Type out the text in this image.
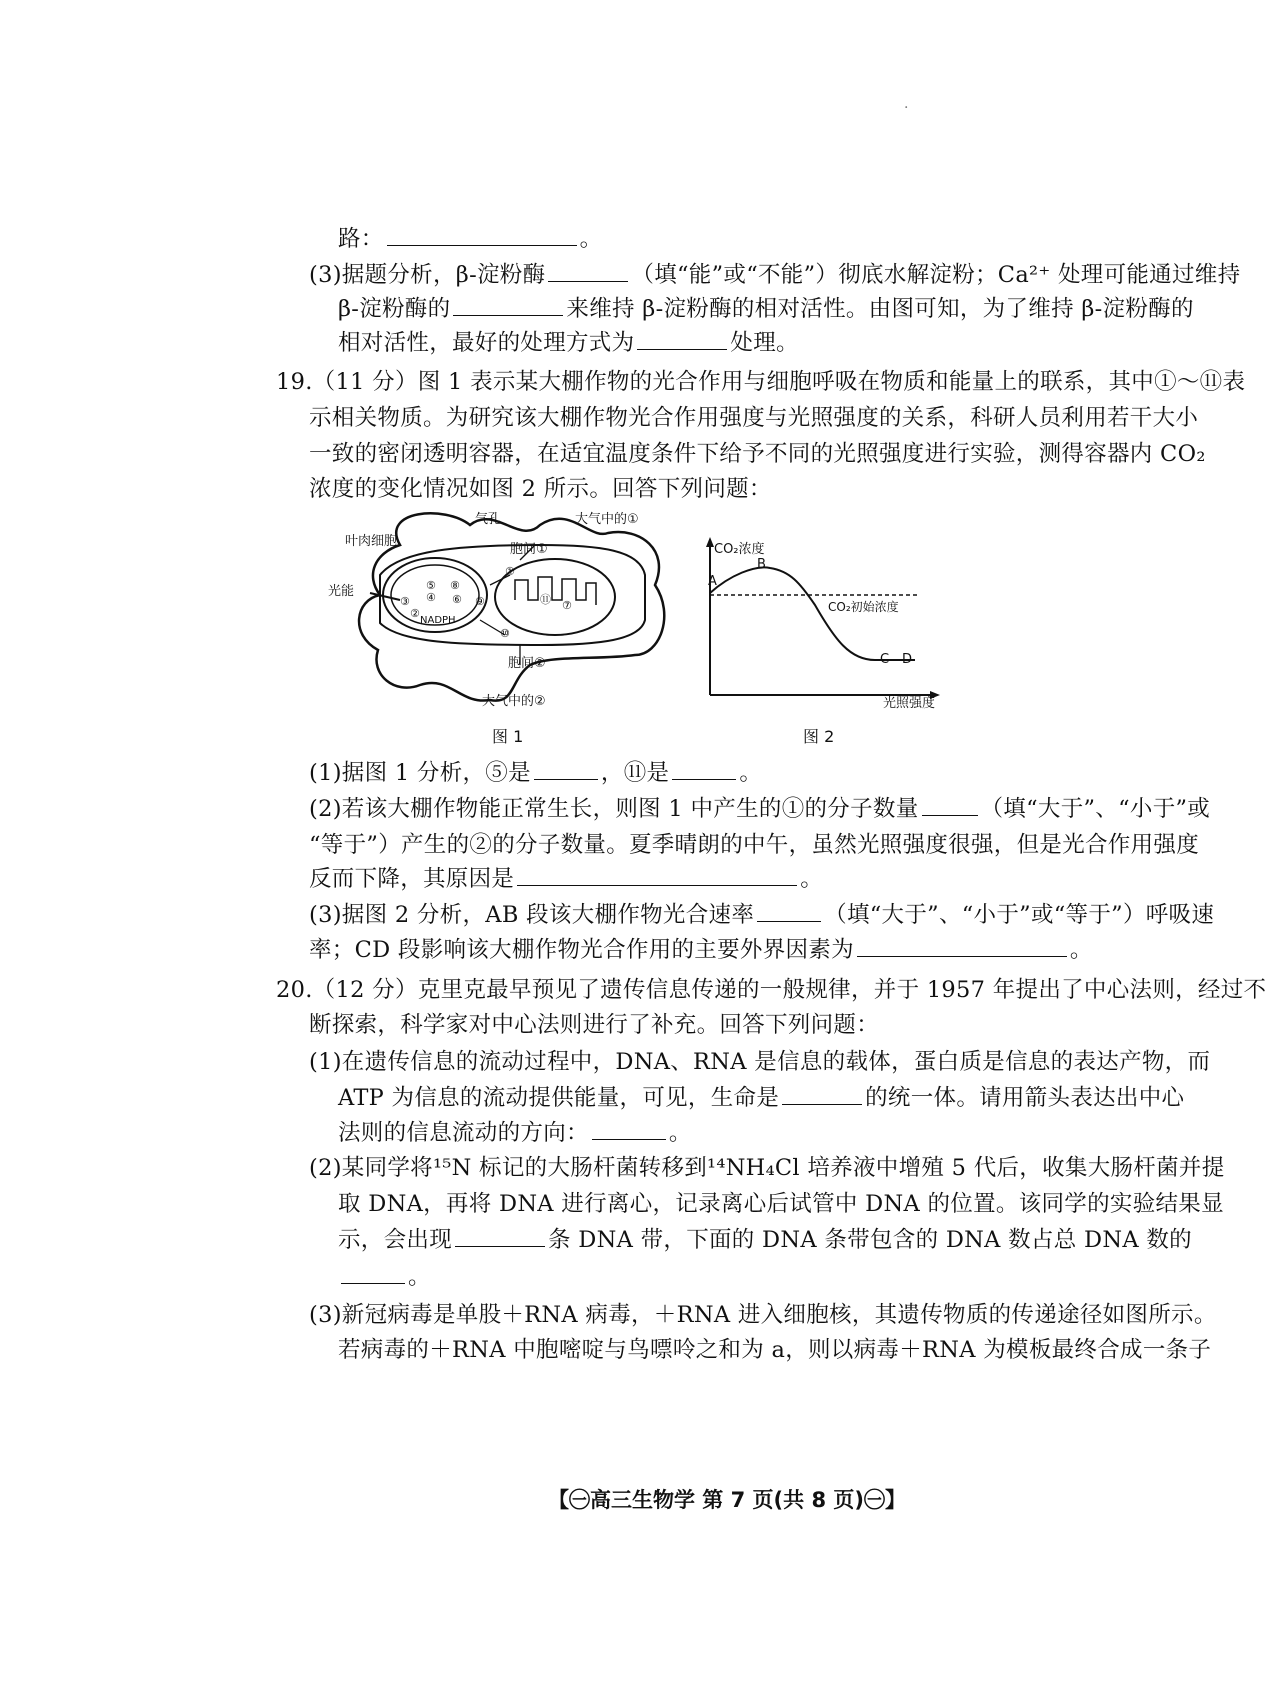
·
路：	。
(3)据题分析，β-淀粉酶	（填“能”或“不能”）彻底水解淀粉；Ca²⁺ 处理可能通过维持
β-淀粉酶的	来维持 β-淀粉酶的相对活性。由图可知，为了维持 β-淀粉酶的
相对活性，最好的处理方式为	处理。
19.（11 分）图 1 表示某大棚作物的光合作用与细胞呼吸在物质和能量上的联系，其中①～⑪表
示相关物质。为研究该大棚作物光合作用强度与光照强度的关系，科研人员利用若干大小
一致的密闭透明容器，在适宜温度条件下给予不同的光照强度进行实验，测得容器内 CO₂
浓度的变化情况如图 2 所示。回答下列问题：
③
⑤
④
②
⑧
⑥ ⑨
①
⑪ ⑦
⑩
气孔	大气中的①
胞间①
叶肉细胞
光能
NADPH
胞间②
大气中的②
图 1
CO₂浓度
光照强度
CO₂初始浓度
A
B
C D
图 2
(1)据图 1 分析，⑤是	，⑪是	。
(2)若该大棚作物能正常生长，则图 1 中产生的①的分子数量	（填“大于”、“小于”或
“等于”）产生的②的分子数量。夏季晴朗的中午，虽然光照强度很强，但是光合作用强度
反而下降，其原因是	。
(3)据图 2 分析，AB 段该大棚作物光合速率	（填“大于”、“小于”或“等于”）呼吸速
率；CD 段影响该大棚作物光合作用的主要外界因素为	。
20.（12 分）克里克最早预见了遗传信息传递的一般规律，并于 1957 年提出了中心法则，经过不
断探索，科学家对中心法则进行了补充。回答下列问题：
(1)在遗传信息的流动过程中，DNA、RNA 是信息的载体，蛋白质是信息的表达产物，而
ATP 为信息的流动提供能量，可见，生命是	的统一体。请用箭头表达出中心
法则的信息流动的方向：	。
(2)某同学将¹⁵N 标记的大肠杆菌转移到¹⁴NH₄Cl 培养液中增殖 5 代后，收集大肠杆菌并提
取 DNA，再将 DNA 进行离心，记录离心后试管中 DNA 的位置。该同学的实验结果显
示，会出现	条 DNA 带，下面的 DNA 条带包含的 DNA 数占总 DNA 数的
。
(3)新冠病毒是单股＋RNA 病毒，＋RNA 进入细胞核，其遗传物质的传递途径如图所示。
若病毒的＋RNA 中胞嘧啶与鸟嘌呤之和为 a，则以病毒＋RNA 为模板最终合成一条子
【㊀高三生物学 第 7 页(共 8 页)㊀】
